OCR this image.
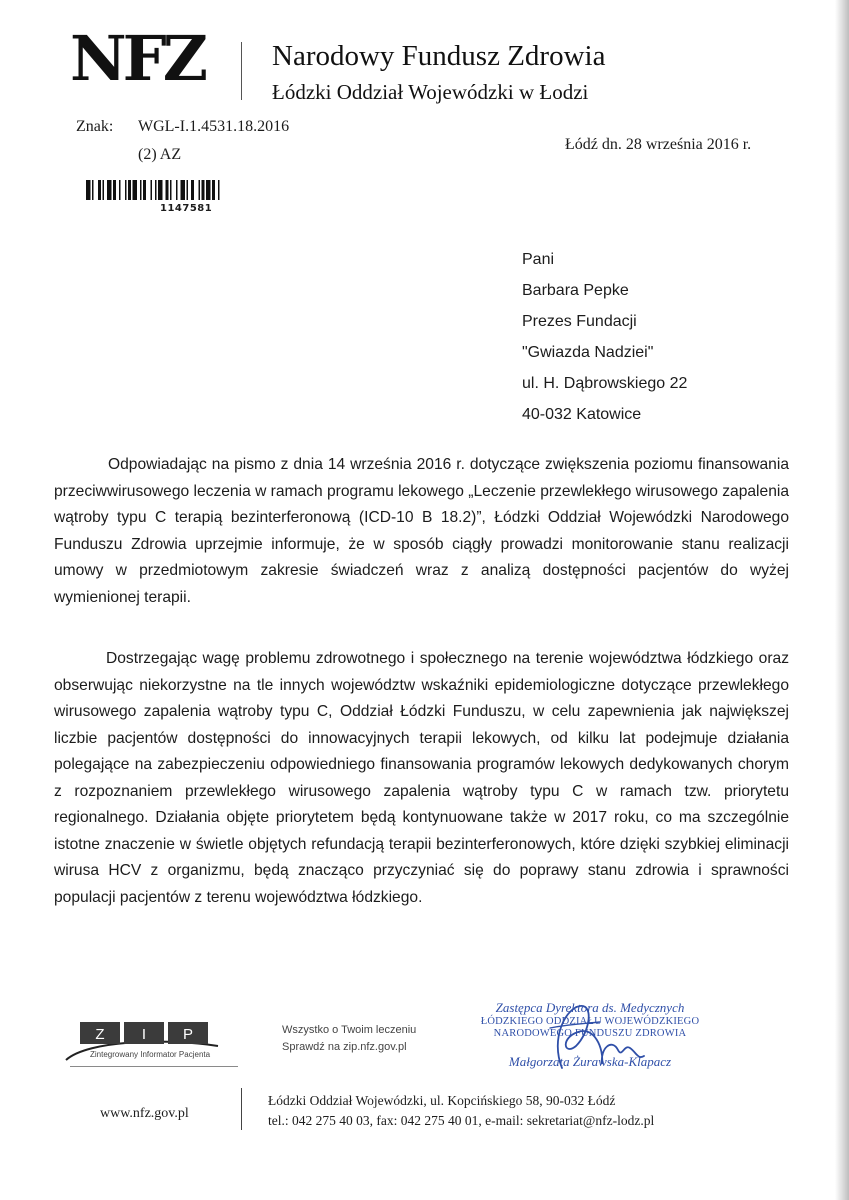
NFZ Narodowy Fundusz Zdrowia
Łódzki Oddział Wojewódzki w Łodzi
Znak: WGL-I.1.4531.18.2016
(2) AZ
Łódź dn. 28 września 2016 r.
1147581
Pani
Barbara Pepke
Prezes Fundacji
"Gwiazda Nadziei"
ul. H. Dąbrowskiego 22
40-032 Katowice

Odpowiadając na pismo z dnia 14 września 2016 r. dotyczące zwiększenia poziomu finansowania przeciwwirusowego leczenia w ramach programu lekowego „Leczenie przewlekłego wirusowego zapalenia wątroby typu C terapią bezinterferonową (ICD-10 B 18.2)”, Łódzki Oddział Wojewódzki Narodowego Funduszu Zdrowia uprzejmie informuje, że w sposób ciągły prowadzi monitorowanie stanu realizacji umowy w przedmiotowym zakresie świadczeń wraz z analizą dostępności pacjentów do wyżej wymienionej terapii.

Dostrzegając wagę problemu zdrowotnego i społecznego na terenie województwa łódzkiego oraz obserwując niekorzystne na tle innych województw wskaźniki epidemiologiczne dotyczące przewlekłego wirusowego zapalenia wątroby typu C, Oddział Łódzki Funduszu, w celu zapewnienia jak największej liczbie pacjentów dostępności do innowacyjnych terapii lekowych, od kilku lat podejmuje działania polegające na zabezpieczeniu odpowiedniego finansowania programów lekowych dedykowanych chorym z rozpoznaniem przewlekłego wirusowego zapalenia wątroby typu C w ramach tzw. priorytetu regionalnego. Działania objęte priorytetem będą kontynuowane także w 2017 roku, co ma szczególnie istotne znaczenie w świetle objętych refundacją terapii bezinterferonowych, które dzięki szybkiej eliminacji wirusa HCV z organizmu, będą znacząco przyczyniać się do poprawy stanu zdrowia i sprawności populacji pacjentów z terenu województwa łódzkiego.

Z I P
Zintegrowany Informator Pacjenta
Wszystko o Twoim leczeniu
Sprawdź na zip.nfz.gov.pl
Zastępca Dyrektora ds. Medycznych
ŁÓDZKIEGO ODDZIAŁU WOJEWÓDZKIEGO
NARODOWEGO FUNDUSZU ZDROWIA
Małgorzata Żurawska-Klapacz
www.nfz.gov.pl
Łódzki Oddział Wojewódzki, ul. Kopcińskiego 58, 90-032 Łódź
tel.: 042 275 40 03, fax: 042 275 40 01, e-mail: sekretariat@nfz-lodz.pl
